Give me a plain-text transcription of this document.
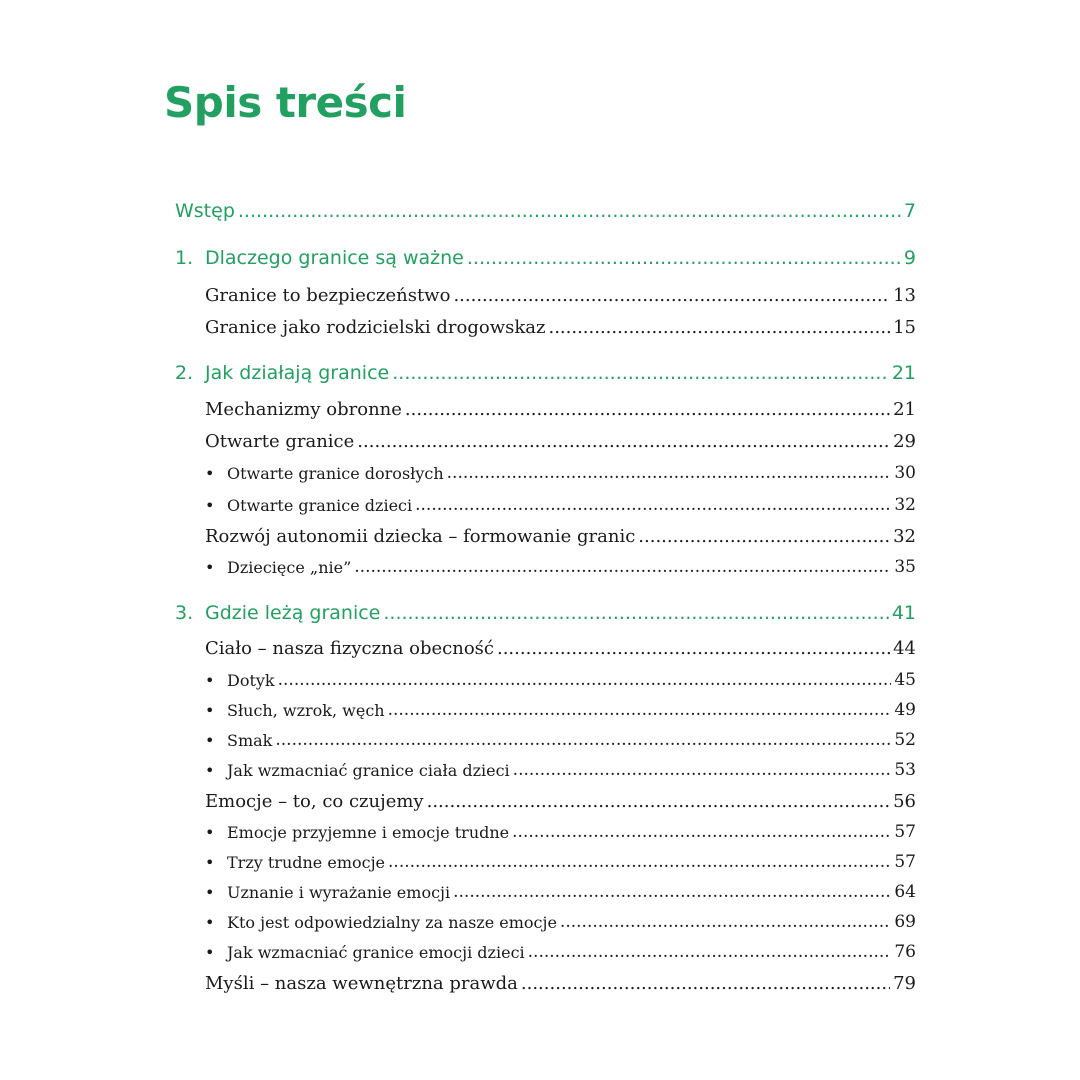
Spis treści
Wstęp .....	7
1. Dlaczego granice są ważne .....	9
Granice to bezpieczeństwo .....	13
Granice jako rodzicielski drogowskaz .....	15
2. Jak działają granice .....	21
Mechanizmy obronne .....	21
Otwarte granice .....	29
• Otwarte granice dorosłych .....	30
• Otwarte granice dzieci .....	32
Rozwój autonomii dziecka – formowanie granic .....	32
• Dziecięce „nie” .....	35
3. Gdzie leżą granice .....	41
Ciało – nasza fizyczna obecność .....	44
• Dotyk .....	45
• Słuch, wzrok, węch .....	49
• Smak .....	52
• Jak wzmacniać granice ciała dzieci .....	53
Emocje – to, co czujemy .....	56
• Emocje przyjemne i emocje trudne .....	57
• Trzy trudne emocje .....	57
• Uznanie i wyrażanie emocji .....	64
• Kto jest odpowiedzialny za nasze emocje .....	69
• Jak wzmacniać granice emocji dzieci .....	76
Myśli – nasza wewnętrzna prawda .....	79
